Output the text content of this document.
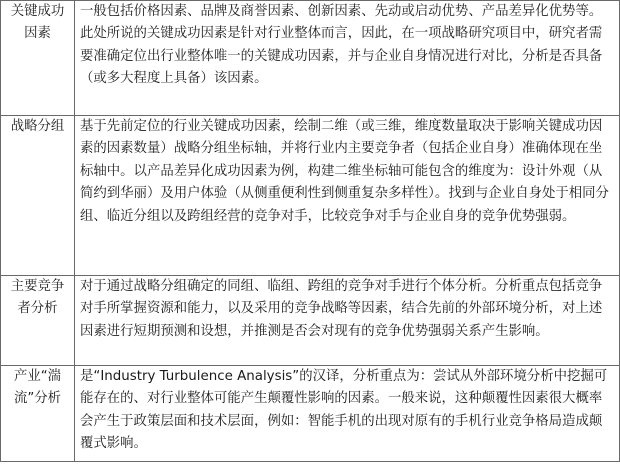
关键成功因素	一般包括价格因素、品牌及商誉因素、创新因素、先动或启动优势、产品差异化优势等。此处所说的关键成功因素是针对行业整体而言，因此，在一项战略研究项目中，研究者需要准确定位出行业整体唯一的关键成功因素，并与企业自身情况进行对比，分析是否具备（或多大程度上具备）该因素。
战略分组	基于先前定位的行业关键成功因素，绘制二维（或三维，维度数量取决于影响关键成功因素的因素数量）战略分组坐标轴，并将行业内主要竞争者（包括企业自身）准确体现在坐标轴中。以产品差异化成功因素为例，构建二维坐标轴可能包含的维度为：设计外观（从简约到华丽）及用户体验（从侧重便利性到侧重复杂多样性）。找到与企业自身处于相同分组、临近分组以及跨组经营的竞争对手，比较竞争对手与企业自身的竞争优势强弱。
主要竞争者分析	对于通过战略分组确定的同组、临组、跨组的竞争对手进行个体分析。分析重点包括竞争对手所掌握资源和能力，以及采用的竞争战略等因素，结合先前的外部环境分析，对上述因素进行短期预测和设想，并推测是否会对现有的竞争优势强弱关系产生影响。
产业“湍流”分析	是“Industry Turbulence Analysis”的汉译，分析重点为：尝试从外部环境分析中挖掘可能存在的、对行业整体可能产生颠覆性影响的因素。一般来说，这种颠覆性因素很大概率会产生于政策层面和技术层面，例如：智能手机的出现对原有的手机行业竞争格局造成颠覆式影响。
